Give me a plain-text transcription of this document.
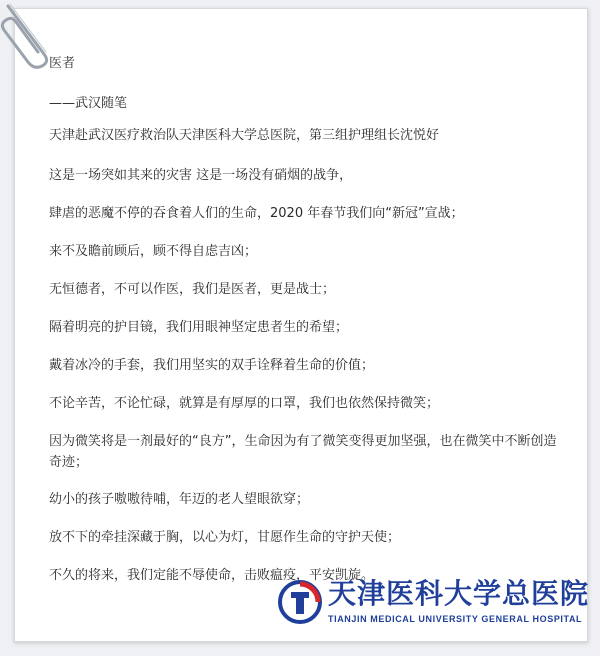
医者
——武汉随笔
天津赴武汉医疗救治队天津医科大学总医院，第三组护理组长沈悦好
这是一场突如其来的灾害 这是一场没有硝烟的战争，
肆虐的恶魔不停的吞食着人们的生命，2020 年春节我们向“新冠”宣战；
来不及瞻前顾后，顾不得自虑吉凶；
无恒德者，不可以作医，我们是医者，更是战士；
隔着明亮的护目镜，我们用眼神坚定患者生的希望；
戴着冰冷的手套，我们用坚实的双手诠释着生命的价值；
不论辛苦，不论忙碌，就算是有厚厚的口罩，我们也依然保持微笑；
因为微笑将是一剂最好的“良方”，生命因为有了微笑变得更加坚强，也在微笑中不断创造奇迹；
幼小的孩子嗷嗷待哺，年迈的老人望眼欲穿；
放不下的牵挂深藏于胸，以心为灯，甘愿作生命的守护天使；
不久的将来，我们定能不辱使命，击败瘟疫，平安凯旋。
天津医科大学总医院
TIANJIN MEDICAL UNIVERSITY GENERAL HOSPITAL
